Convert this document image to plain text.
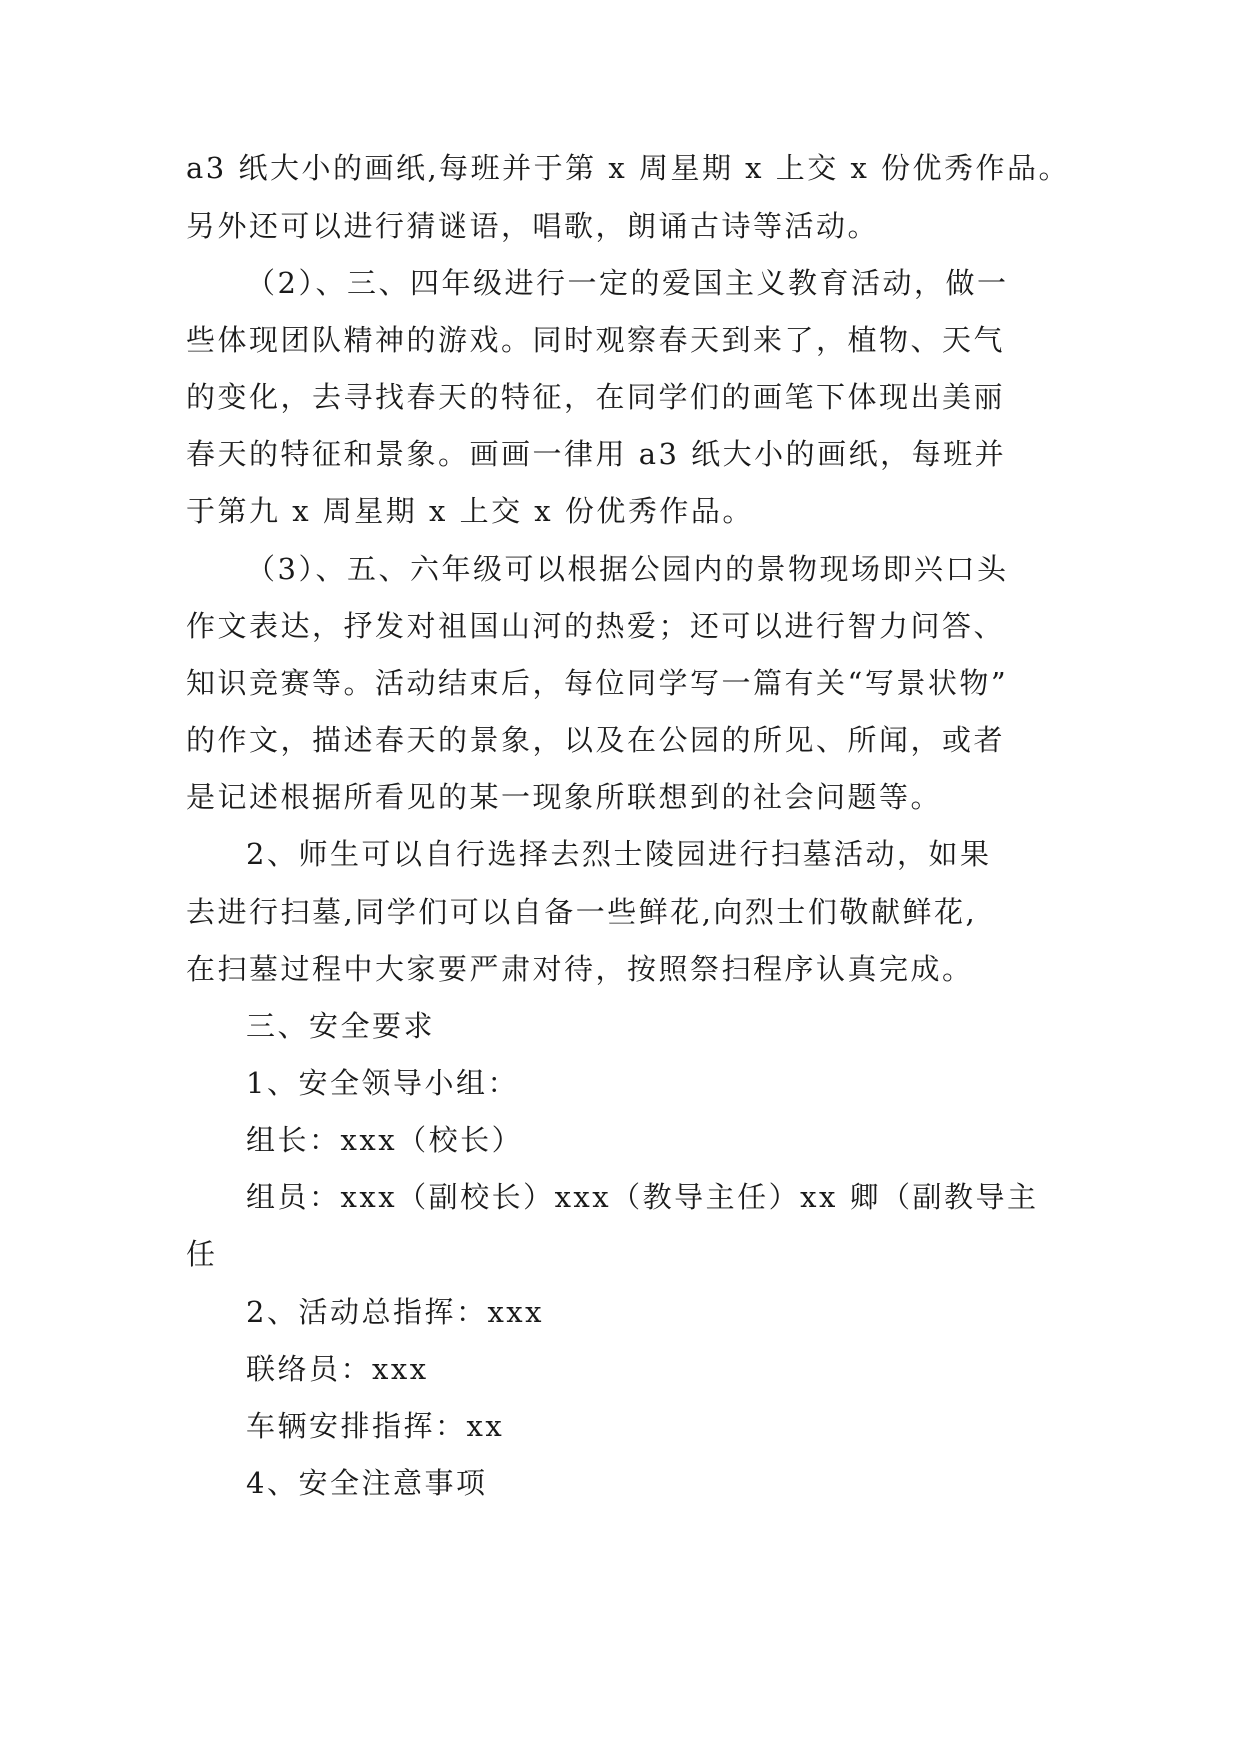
a3 纸大小的画纸,每班并于第 x 周星期 x 上交 x 份优秀作品。

另外还可以进行猜谜语，唱歌，朗诵古诗等活动。

（2）、三、四年级进行一定的爱国主义教育活动，做一

些体现团队精神的游戏。同时观察春天到来了，植物、天气

的变化，去寻找春天的特征，在同学们的画笔下体现出美丽

春天的特征和景象。画画一律用 a3 纸大小的画纸，每班并

于第九 x 周星期 x 上交 x 份优秀作品。

（3）、五、六年级可以根据公园内的景物现场即兴口头

作文表达，抒发对祖国山河的热爱；还可以进行智力问答、

知识竞赛等。活动结束后，每位同学写一篇有关“写景状物”

的作文，描述春天的景象，以及在公园的所见、所闻，或者

是记述根据所看见的某一现象所联想到的社会问题等。

2、师生可以自行选择去烈士陵园进行扫墓活动，如果

去进行扫墓,同学们可以自备一些鲜花,向烈士们敬献鲜花,

在扫墓过程中大家要严肃对待，按照祭扫程序认真完成。

三、安全要求

1、安全领导小组：

组长：xxx（校长）

组员：xxx（副校长）xxx（教导主任）xx 卿（副教导主

任

2、活动总指挥：xxx

联络员：xxx

车辆安排指挥：xx

4、安全注意事项
